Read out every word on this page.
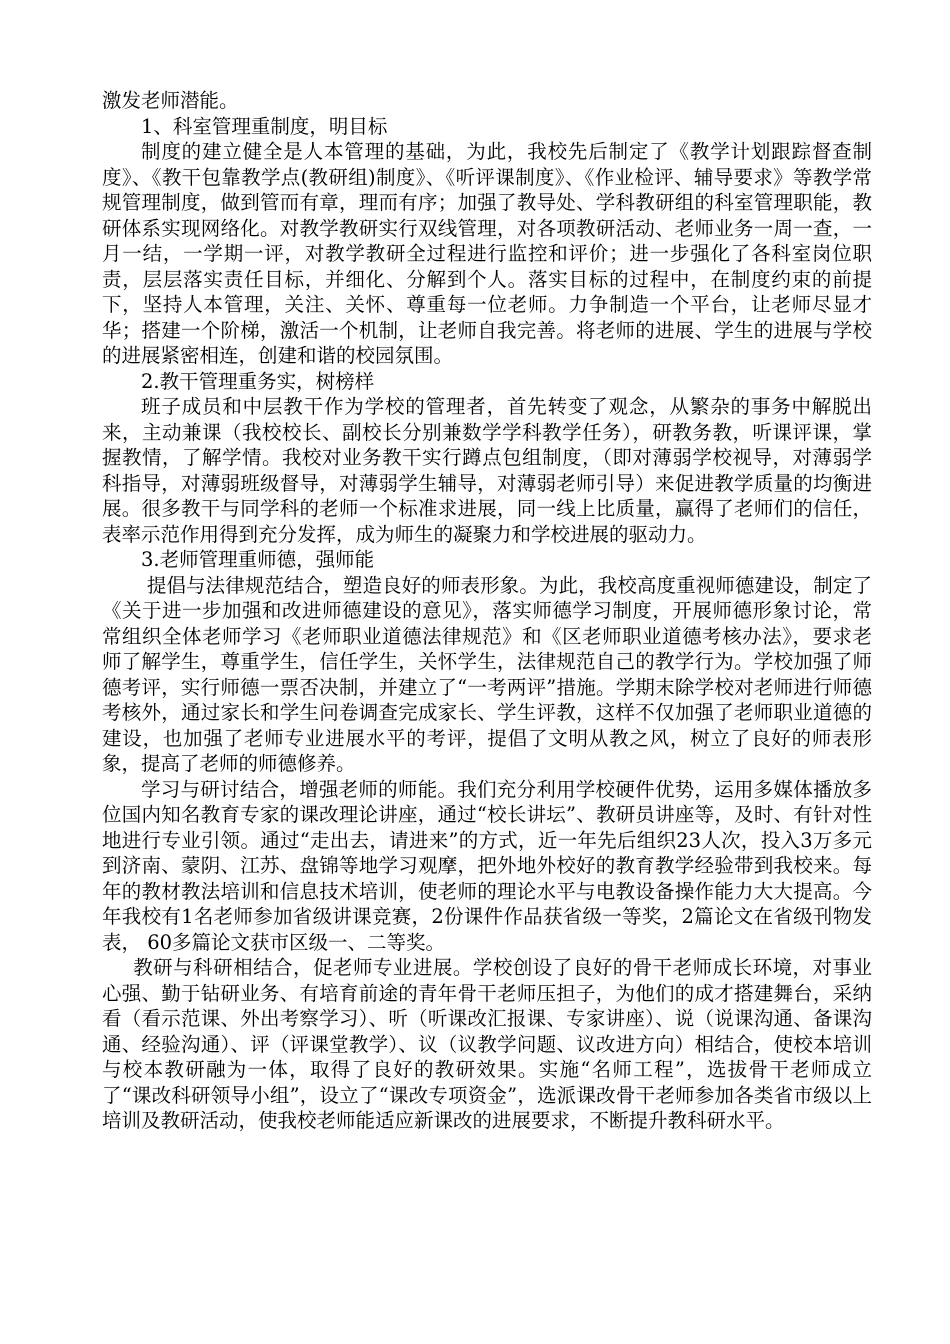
激发老师潜能。

1、科室管理重制度，明目标

制度的建立健全是人本管理的基础，为此，我校先后制定了《教学计划跟踪督查制度》、《教干包靠教学点(教研组)制度》、《听评课制度》、《作业检评、辅导要求》等教学常规管理制度，做到管而有章，理而有序；加强了教导处、学科教研组的科室管理职能，教研体系实现网络化。对教学教研实行双线管理，对各项教研活动、老师业务一周一查，一月一结，一学期一评，对教学教研全过程进行监控和评价；进一步强化了各科室岗位职责，层层落实责任目标，并细化、分解到个人。落实目标的过程中，在制度约束的前提下，坚持人本管理，关注、关怀、尊重每一位老师。力争制造一个平台，让老师尽显才华；搭建一个阶梯，激活一个机制，让老师自我完善。将老师的进展、学生的进展与学校的进展紧密相连，创建和谐的校园氛围。

2.教干管理重务实，树榜样

班子成员和中层教干作为学校的管理者，首先转变了观念，从繁杂的事务中解脱出来，主动兼课（我校校长、副校长分别兼数学学科教学任务），研教务教，听课评课，掌握教情，了解学情。我校对业务教干实行蹲点包组制度，（即对薄弱学校视导，对薄弱学科指导，对薄弱班级督导，对薄弱学生辅导，对薄弱老师引导）来促进教学质量的均衡进展。很多教干与同学科的老师一个标准求进展，同一线上比质量，赢得了老师们的信任，表率示范作用得到充分发挥，成为师生的凝聚力和学校进展的驱动力。

3.老师管理重师德，强师能

提倡与法律规范结合，塑造良好的师表形象。为此，我校高度重视师德建设，制定了《关于进一步加强和改进师德建设的意见》，落实师德学习制度，开展师德形象讨论，常常组织全体老师学习《老师职业道德法律规范》和《区老师职业道德考核办法》，要求老师了解学生，尊重学生，信任学生，关怀学生，法律规范自己的教学行为。学校加强了师德考评，实行师德一票否决制，并建立了“一考两评”措施。学期末除学校对老师进行师德考核外，通过家长和学生问卷调查完成家长、学生评教，这样不仅加强了老师职业道德的建设，也加强了老师专业进展水平的考评，提倡了文明从教之风，树立了良好的师表形象，提高了老师的师德修养。

学习与研讨结合，增强老师的师能。我们充分利用学校硬件优势，运用多媒体播放多位国内知名教育专家的课改理论讲座，通过“校长讲坛”、教研员讲座等，及时、有针对性地进行专业引领。通过“走出去，请进来”的方式，近一年先后组织23人次，投入3万多元到济南、蒙阴、江苏、盘锦等地学习观摩，把外地外校好的教育教学经验带到我校来。每年的教材教法培训和信息技术培训，使老师的理论水平与电教设备操作能力大大提高。今年我校有1名老师参加省级讲课竞赛，2份课件作品获省级一等奖，2篇论文在省级刊物发表， 60多篇论文获市区级一、二等奖。

教研与科研相结合，促老师专业进展。学校创设了良好的骨干老师成长环境，对事业心强、勤于钻研业务、有培育前途的青年骨干老师压担子，为他们的成才搭建舞台，采纳看（看示范课、外出考察学习）、听（听课改汇报课、专家讲座）、说（说课沟通、备课沟通、经验沟通）、评（评课堂教学）、议（议教学问题、议改进方向）相结合，使校本培训与校本教研融为一体，取得了良好的教研效果。实施“名师工程”，选拔骨干老师成立了“课改科研领导小组”，设立了“课改专项资金”，选派课改骨干老师参加各类省市级以上培训及教研活动，使我校老师能适应新课改的进展要求，不断提升教科研水平。
